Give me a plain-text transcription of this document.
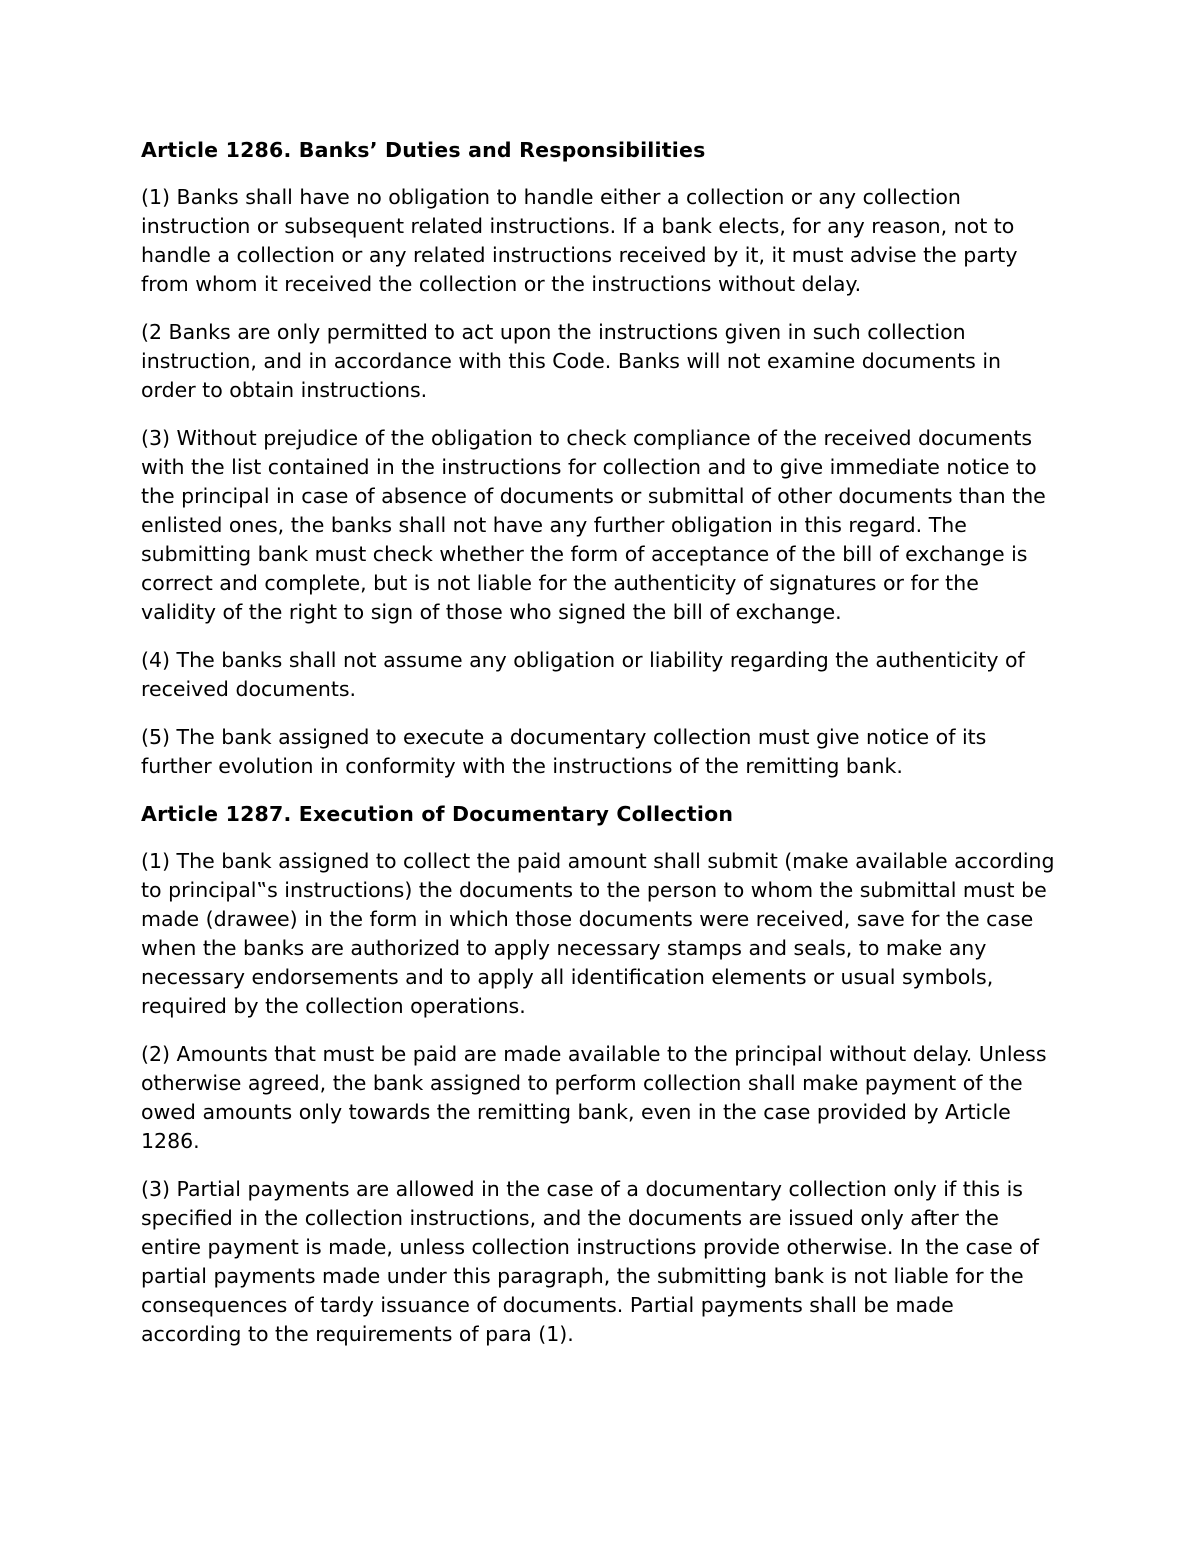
Article 1286. Banks’ Duties and Responsibilities

(1) Banks shall have no obligation to handle either a collection or any collection instruction or subsequent related instructions. If a bank elects, for any reason, not to handle a collection or any related instructions received by it, it must advise the party from whom it received the collection or the instructions without delay.

(2 Banks are only permitted to act upon the instructions given in such collection instruction, and in accordance with this Code. Banks will not examine documents in order to obtain instructions.

(3) Without prejudice of the obligation to check compliance of the received documents with the list contained in the instructions for collection and to give immediate notice to the principal in case of absence of documents or submittal of other documents than the enlisted ones, the banks shall not have any further obligation in this regard. The submitting bank must check whether the form of acceptance of the bill of exchange is correct and complete, but is not liable for the authenticity of signatures or for the validity of the right to sign of those who signed the bill of exchange.

(4) The banks shall not assume any obligation or liability regarding the authenticity of received documents.

(5) The bank assigned to execute a documentary collection must give notice of its further evolution in conformity with the instructions of the remitting bank.

Article 1287. Execution of Documentary Collection

(1) The bank assigned to collect the paid amount shall submit (make available according to principal‟s instructions) the documents to the person to whom the submittal must be made (drawee) in the form in which those documents were received, save for the case when the banks are authorized to apply necessary stamps and seals, to make any necessary endorsements and to apply all identification elements or usual symbols, required by the collection operations.

(2) Amounts that must be paid are made available to the principal without delay. Unless otherwise agreed, the bank assigned to perform collection shall make payment of the owed amounts only towards the remitting bank, even in the case provided by Article 1286.

(3) Partial payments are allowed in the case of a documentary collection only if this is specified in the collection instructions, and the documents are issued only after the entire payment is made, unless collection instructions provide otherwise. In the case of partial payments made under this paragraph, the submitting bank is not liable for the consequences of tardy issuance of documents. Partial payments shall be made according to the requirements of para (1).
